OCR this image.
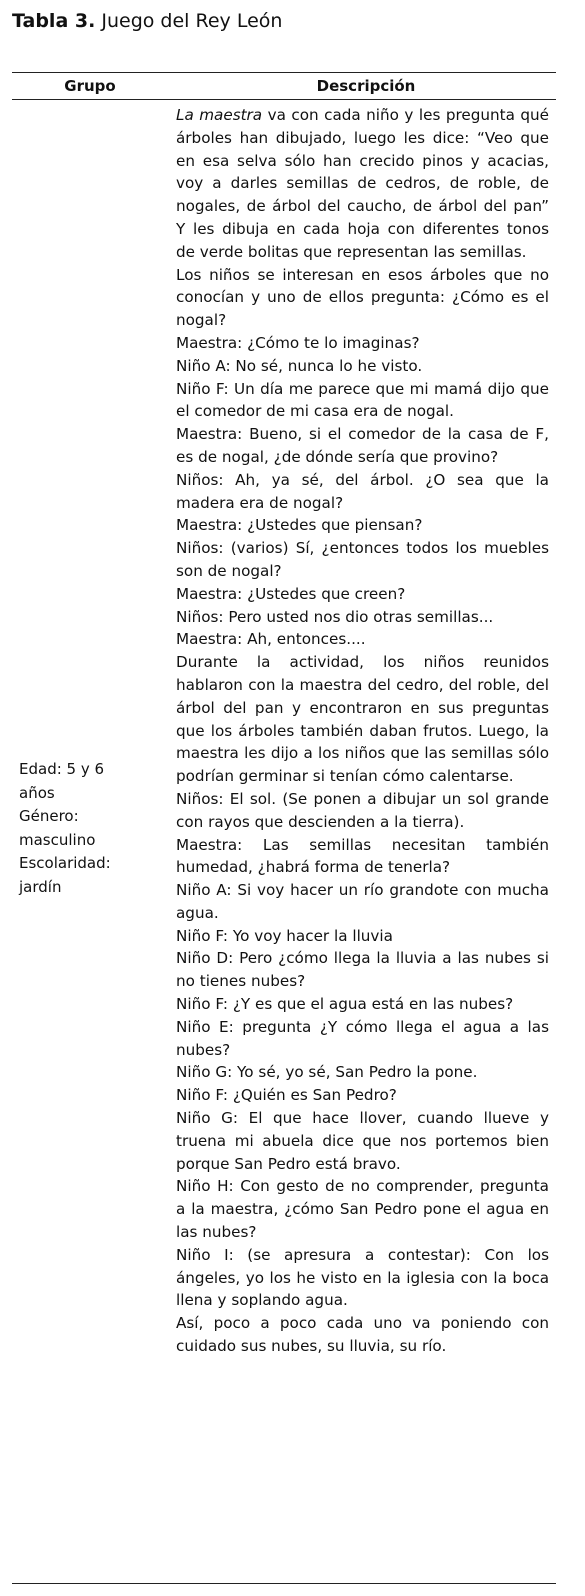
Tabla 3. Juego del Rey León
Grupo	Descripción
Edad: 5 y 6
años
Género:
masculino
Escolaridad:
jardín

La maestra va con cada niño y les pregunta qué árboles han dibujado, luego les dice: “Veo que en esa selva sólo han crecido pinos y acacias, voy a darles semillas de cedros, de roble, de nogales, de árbol del caucho, de árbol del pan” Y les dibuja en cada hoja con diferentes tonos de verde bolitas que representan las semillas.

Los niños se interesan en esos árboles que no conocían y uno de ellos pregunta: ¿Cómo es el nogal?

Maestra: ¿Cómo te lo imaginas?

Niño A: No sé, nunca lo he visto.

Niño F: Un día me parece que mi mamá dijo que el comedor de mi casa era de nogal.

Maestra: Bueno, si el comedor de la casa de F, es de nogal, ¿de dónde sería que provino?

Niños: Ah, ya sé, del árbol. ¿O sea que la madera era de nogal?

Maestra: ¿Ustedes que piensan?

Niños: (varios) Sí, ¿entonces todos los muebles son de nogal?

Maestra: ¿Ustedes que creen?

Niños: Pero usted nos dio otras semillas...

Maestra: Ah, entonces....

Durante la actividad, los niños reunidos hablaron con la maestra del cedro, del roble, del árbol del pan y encontraron en sus preguntas que los árboles también daban frutos. Luego, la maestra les dijo a los niños que las semillas sólo podrían germinar si tenían cómo calentarse.

Niños: El sol. (Se ponen a dibujar un sol grande con rayos que descienden a la tierra).

Maestra: Las semillas necesitan también humedad, ¿habrá forma de tenerla?

Niño A: Si voy hacer un río grandote con mucha agua.

Niño F: Yo voy hacer la lluvia

Niño D: Pero ¿cómo llega la lluvia a las nubes si no tienes nubes?

Niño F: ¿Y es que el agua está en las nubes?

Niño E: pregunta ¿Y cómo llega el agua a las nubes?

Niño G: Yo sé, yo sé, San Pedro la pone.

Niño F: ¿Quién es San Pedro?

Niño G: El que hace llover, cuando llueve y truena mi abuela dice que nos portemos bien porque San Pedro está bravo.

Niño H: Con gesto de no comprender, pregunta a la maestra, ¿cómo San Pedro pone el agua en las nubes?

Niño I: (se apresura a contestar): Con los ángeles, yo los he visto en la iglesia con la boca llena y soplando agua.

Así, poco a poco cada uno va poniendo con cuidado sus nubes, su lluvia, su río.
